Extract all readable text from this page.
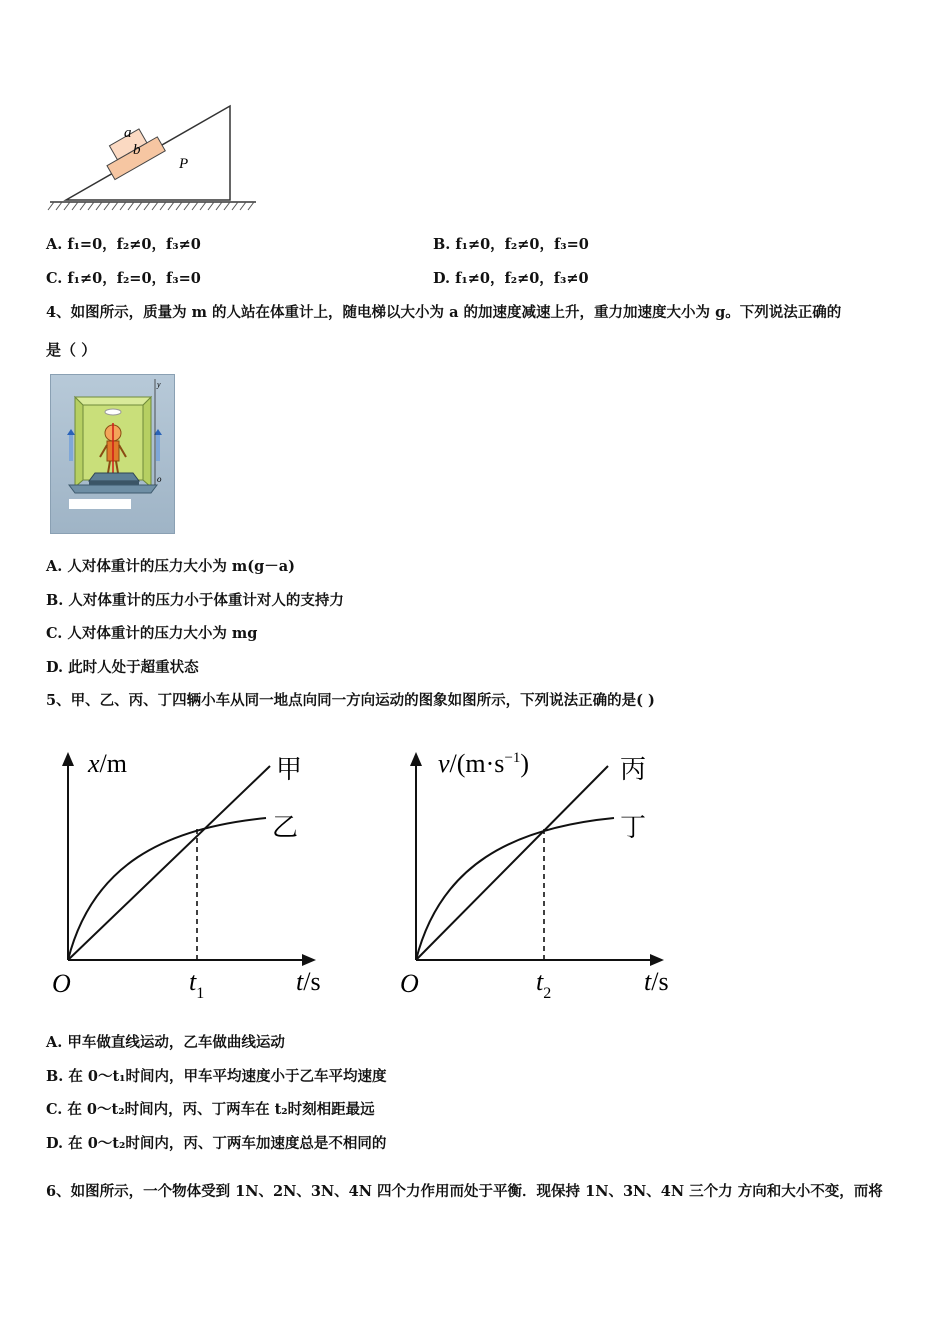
a
b
P
A. f₁=0，f₂≠0，f₃≠0	B. f₁≠0，f₂≠0，f₃=0
C. f₁≠0，f₂=0，f₃=0	D. f₁≠0，f₂≠0，f₃≠0
4、如图所示，质量为 m 的人站在体重计上，随电梯以大小为 a 的加速度减速上升，重力加速度大小为 g。下列说法正确的
是（ ）
y
o
A. 人对体重计的压力大小为 m(g－a)
B. 人对体重计的压力小于体重计对人的支持力
C. 人对体重计的压力大小为 mg
D. 此时人处于超重状态
5、甲、乙、丙、丁四辆小车从同一地点向同一方向运动的图象如图所示，下列说法正确的是( )
x/m	甲
乙
O	$t_1$	t/s
$v/(m\cdot s^{-1})$	丙
丁
O	$t_2$	t/s
A. 甲车做直线运动，乙车做曲线运动
B. 在 0～t₁时间内，甲车平均速度小于乙车平均速度
C. 在 0～t₂时间内，丙、丁两车在 t₂时刻相距最远
D. 在 0～t₂时间内，丙、丁两车加速度总是不相同的
6、如图所示，一个物体受到 1N、2N、3N、4N 四个力作用而处于平衡．现保持 1N、3N、4N 三个力 方向和大小不变，而将
